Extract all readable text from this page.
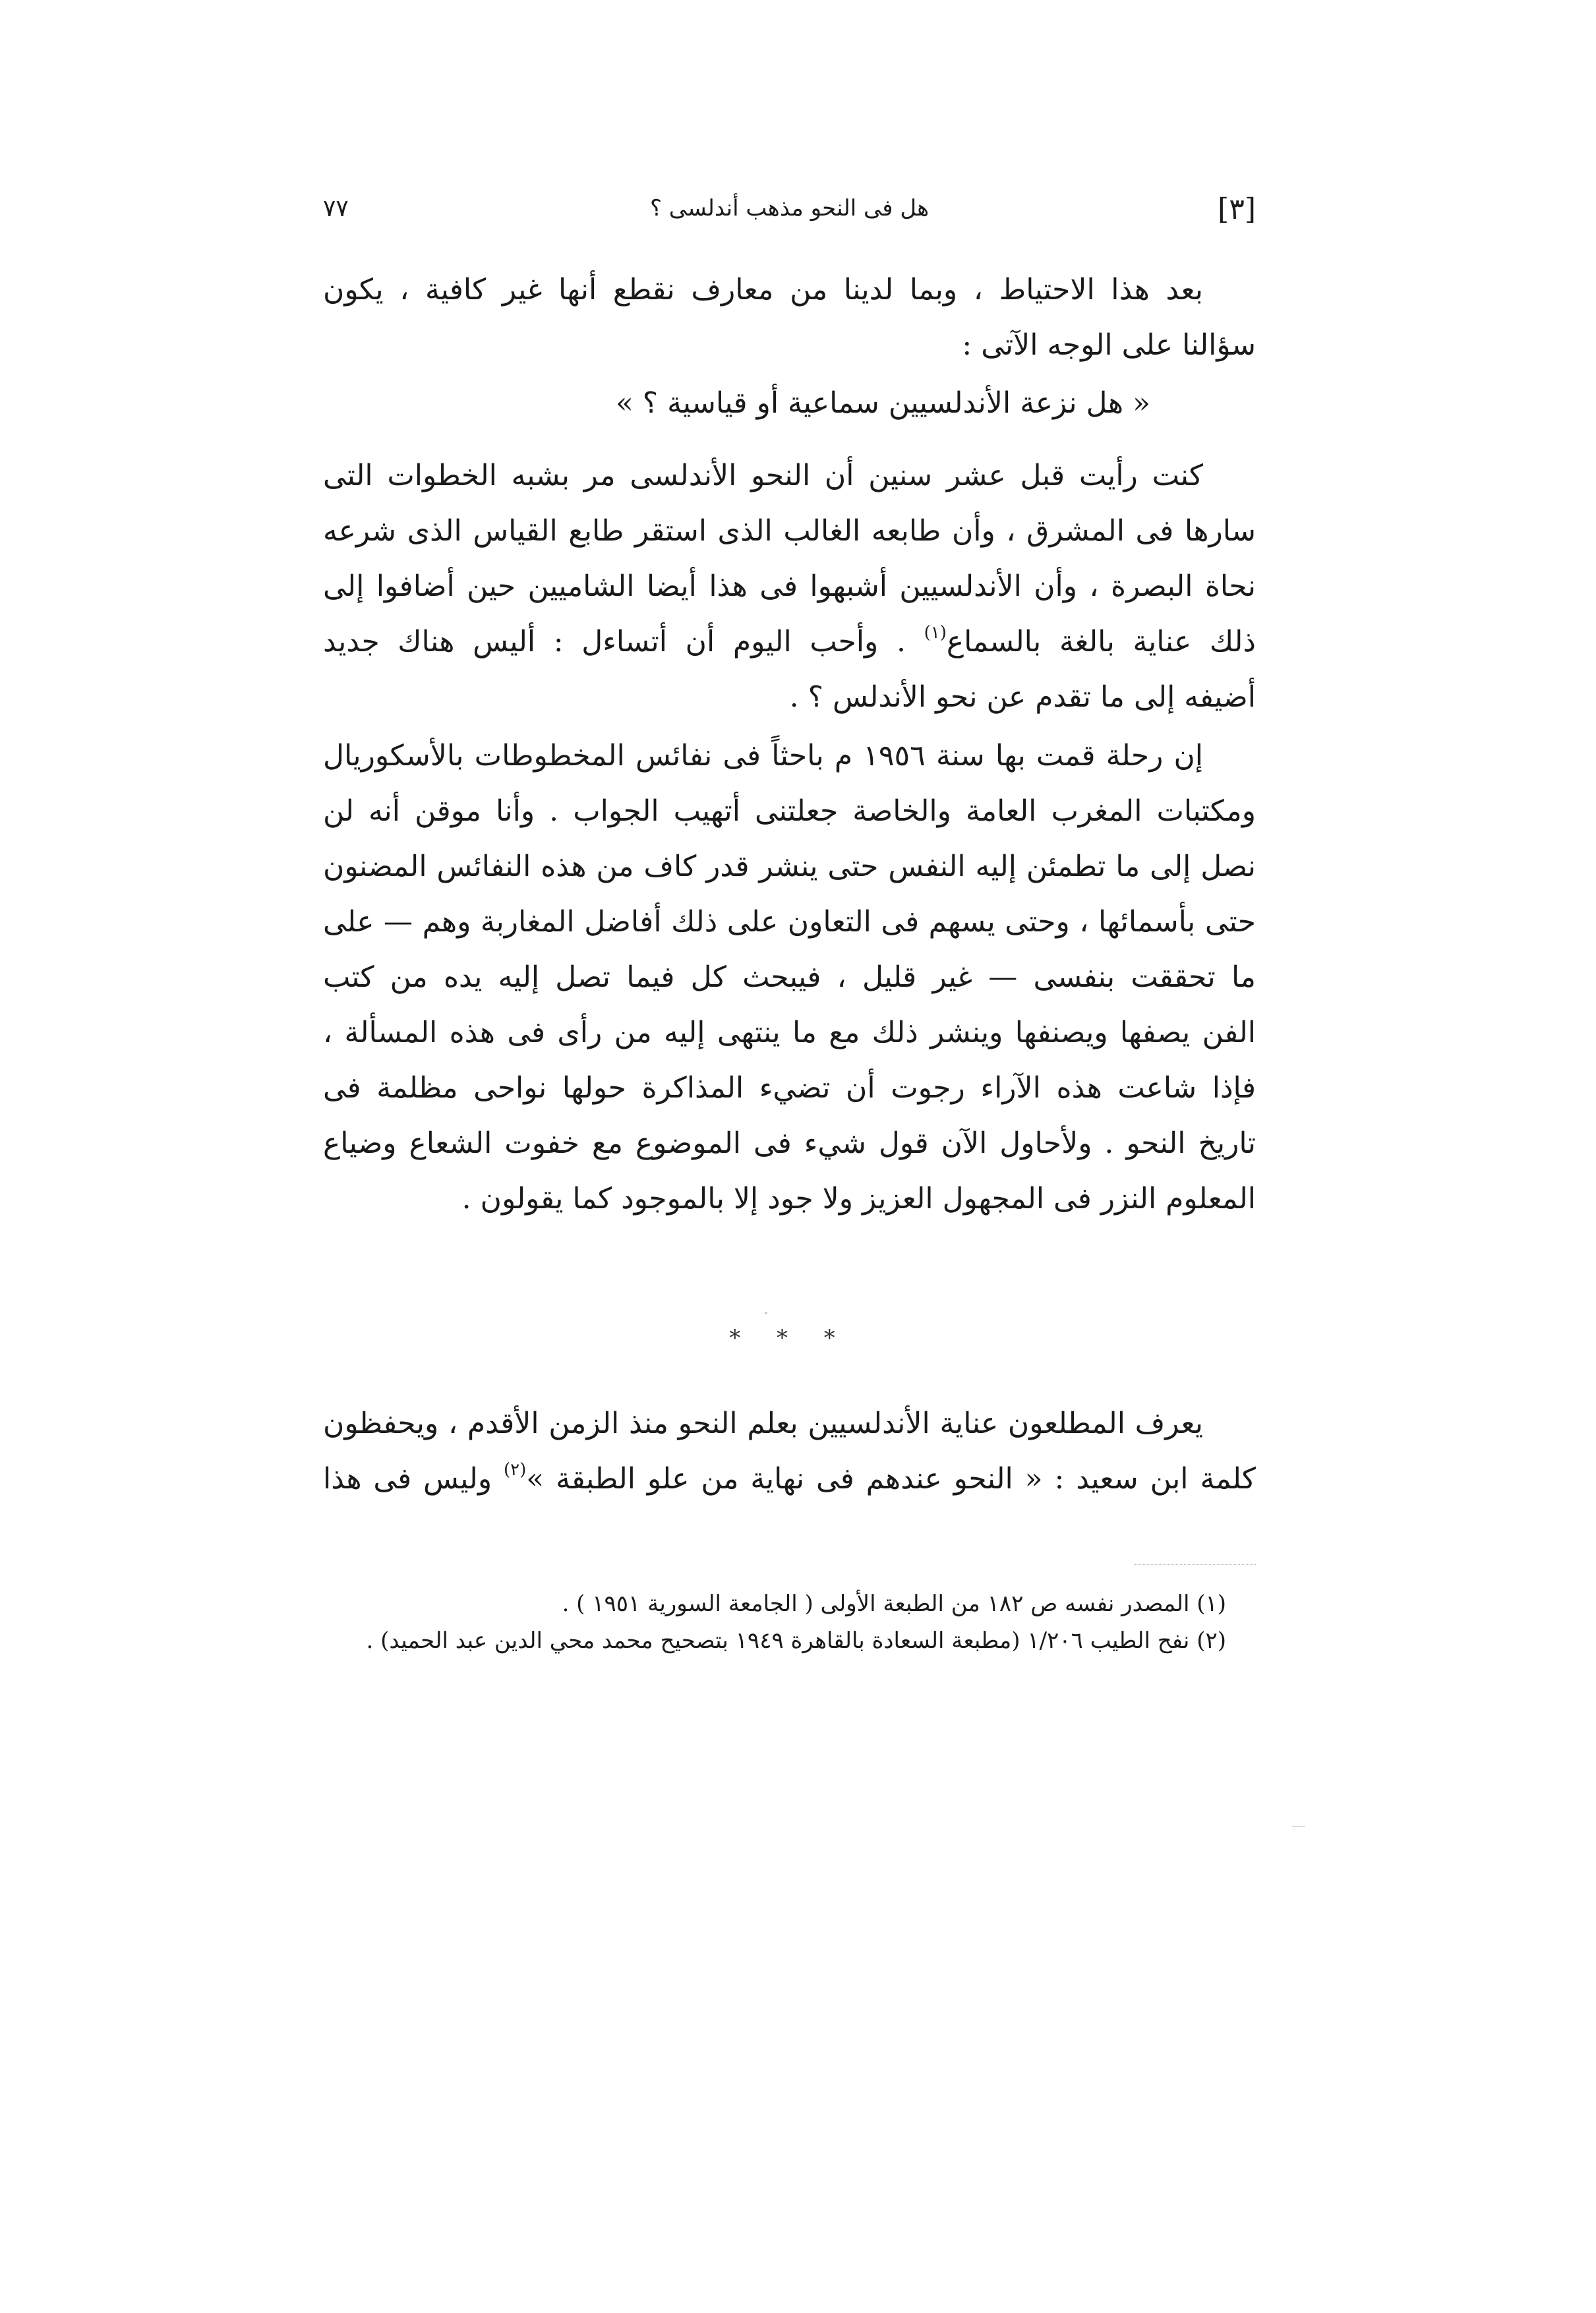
[٣]
هل فى النحو مذهب أندلسى ؟
٧٧

بعد هذا الاحتياط ، وبما لدينا من معارف نقطع أنها غير كافية ، يكون
سؤالنا على الوجه الآتى :

« هل نزعة الأندلسيين سماعية أو قياسية ؟ »

كنت رأيت قبل عشر سنين أن النحو الأندلسى مر بشبه الخطوات التى
سارها فى المشرق ، وأن طابعه الغالب الذى استقر طابع القياس الذى شرعه
نحاة البصرة ، وأن الأندلسيين أشبهوا فى هذا أيضا الشاميين حين أضافوا إلى
ذلك عناية بالغة بالسماع$^{(١)}$ . وأحب اليوم أن أتساءل : أليس هناك جديد
أضيفه إلى ما تقدم عن نحو الأندلس ؟ .

إن رحلة قمت بها سنة ١٩٥٦ م باحثاً فى نفائس المخطوطات بالأسكوريال
ومكتبات المغرب العامة والخاصة جعلتنى أتهيب الجواب . وأنا موقن أنه لن
نصل إلى ما تطمئن إليه النفس حتى ينشر قدر كاف من هذه النفائس المضنون
حتى بأسمائها ، وحتى يسهم فى التعاون على ذلك أفاضل المغاربة وهم — على
ما تحققت بنفسى — غير قليل ، فيبحث كل فيما تصل إليه يده من كتب
الفن يصفها ويصنفها وينشر ذلك مع ما ينتهى إليه من رأى فى هذه المسألة ،
فإذا شاعت هذه الآراء رجوت أن تضيء المذاكرة حولها نواحى مظلمة فى
تاريخ النحو . ولأحاول الآن قول شيء فى الموضوع مع خفوت الشعاع وضياع
المعلوم النزر فى المجهول العزيز ولا جود إلا بالموجود كما يقولون .

* * *

يعرف المطلعون عناية الأندلسيين بعلم النحو منذ الزمن الأقدم ، ويحفظون
كلمة ابن سعيد : « النحو عندهم فى نهاية من علو الطبقة »$^{(٢)}$ وليس فى هذا

(١) المصدر نفسه ص ١٨٢ من الطبعة الأولى ( الجامعة السورية ١٩٥١ ) .
(٢) نفح الطيب ١/٢٠٦ (مطبعة السعادة بالقاهرة ١٩٤٩ بتصحيح محمد محي الدين عبد الحميد) .
